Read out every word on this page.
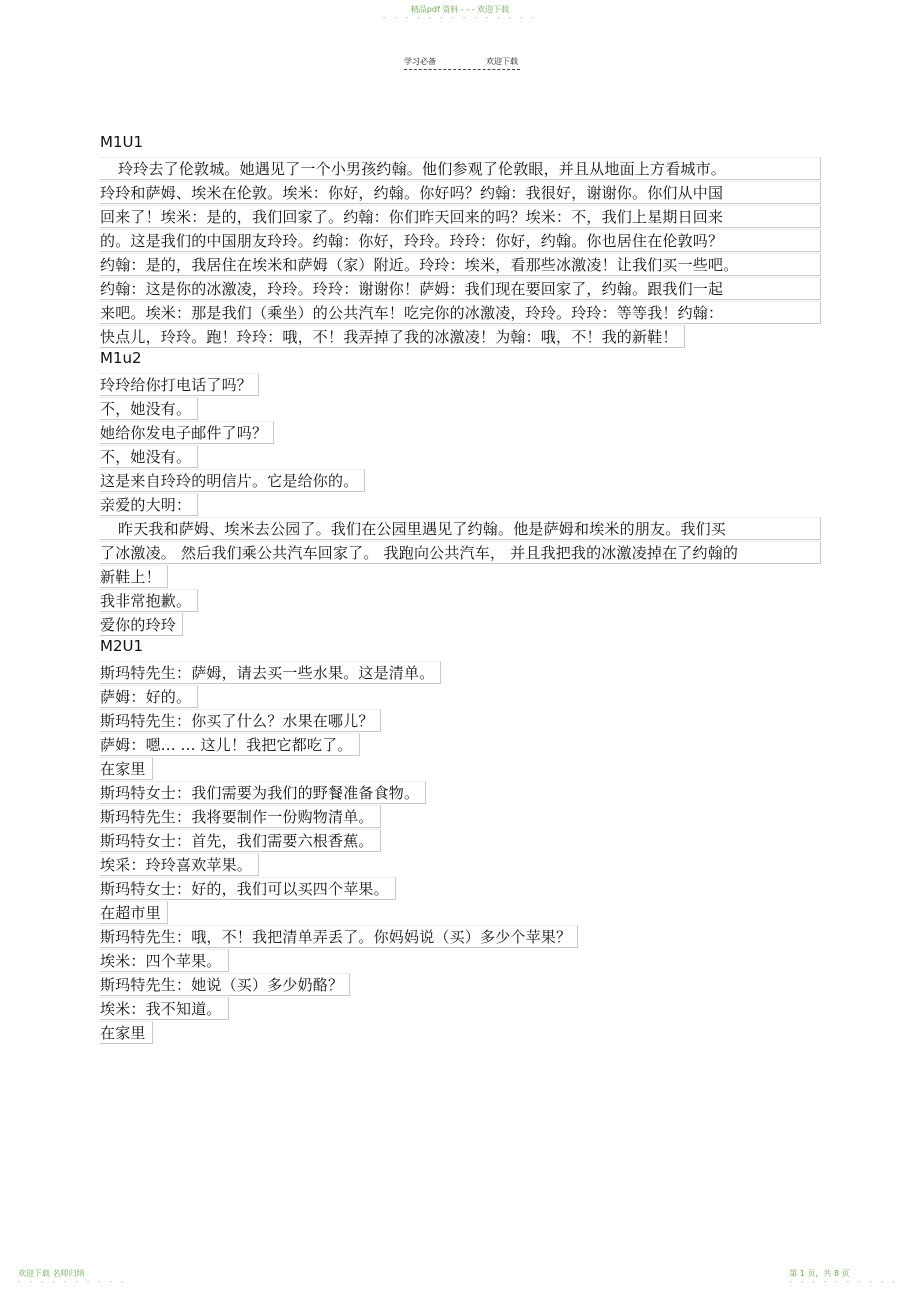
精品pdf 资料 - - - 欢迎下载
- - - - - - - - - - - - - -
学习必备	欢迎下载
M1U1
玲玲去了伦敦城。她遇见了一个小男孩约翰。他们参观了伦敦眼，并且从地面上方看城市。
玲玲和萨姆、埃米在伦敦。埃米：你好，约翰。你好吗？约翰：我很好，谢谢你。你们从中国
回来了！埃米：是的，我们回家了。约翰：你们昨天回来的吗？埃米：不，我们上星期日回来
的。这是我们的中国朋友玲玲。约翰：你好，玲玲。玲玲：你好，约翰。你也居住在伦敦吗？
约翰：是的，我居住在埃米和萨姆（家）附近。玲玲：埃米，看那些冰激凌！让我们买一些吧。
约翰：这是你的冰激凌，玲玲。玲玲：谢谢你！萨姆：我们现在要回家了，约翰。跟我们一起
来吧。埃米：那是我们（乘坐）的公共汽车！吃完你的冰激凌，玲玲。玲玲：等等我！约翰：
快点儿，玲玲。跑！玲玲：哦，不！我弄掉了我的冰激凌！为翰：哦，不！我的新鞋！
M1u2
玲玲给你打电话了吗？
不，她没有。
她给你发电子邮件了吗？
不，她没有。
这是来自玲玲的明信片。它是给你的。
亲爱的大明：
昨天我和萨姆、埃米去公园了。我们在公园里遇见了约翰。他是萨姆和埃米的朋友。我们买
了冰激凌。 然后我们乘公共汽车回家了。 我跑向公共汽车， 并且我把我的冰激凌掉在了约翰的
新鞋上！
我非常抱歉。
爱你的玲玲
M2U1
斯玛特先生：萨姆，请去买一些水果。这是清单。
萨姆：好的。
斯玛特先生：你买了什么？水果在哪儿？
萨姆：嗯... ... 这儿！我把它都吃了。
在家里
斯玛特女士：我们需要为我们的野餐准备食物。
斯玛特先生：我将要制作一份购物清单。
斯玛特女士：首先，我们需要六根香蕉。
埃采：玲玲喜欢苹果。
斯玛特女士：好的，我们可以买四个苹果。
在超市里
斯玛特先生：哦，不！我把清单弄丢了。你妈妈说（买）多少个苹果？
埃米：四个苹果。
斯玛特先生：她说（买）多少奶酪？
埃米：我不知道。
在家里
欢迎下载 名师归纳
- - - - - - - - - -
第 1 页，共 8 页
- - - - - - - - - -
